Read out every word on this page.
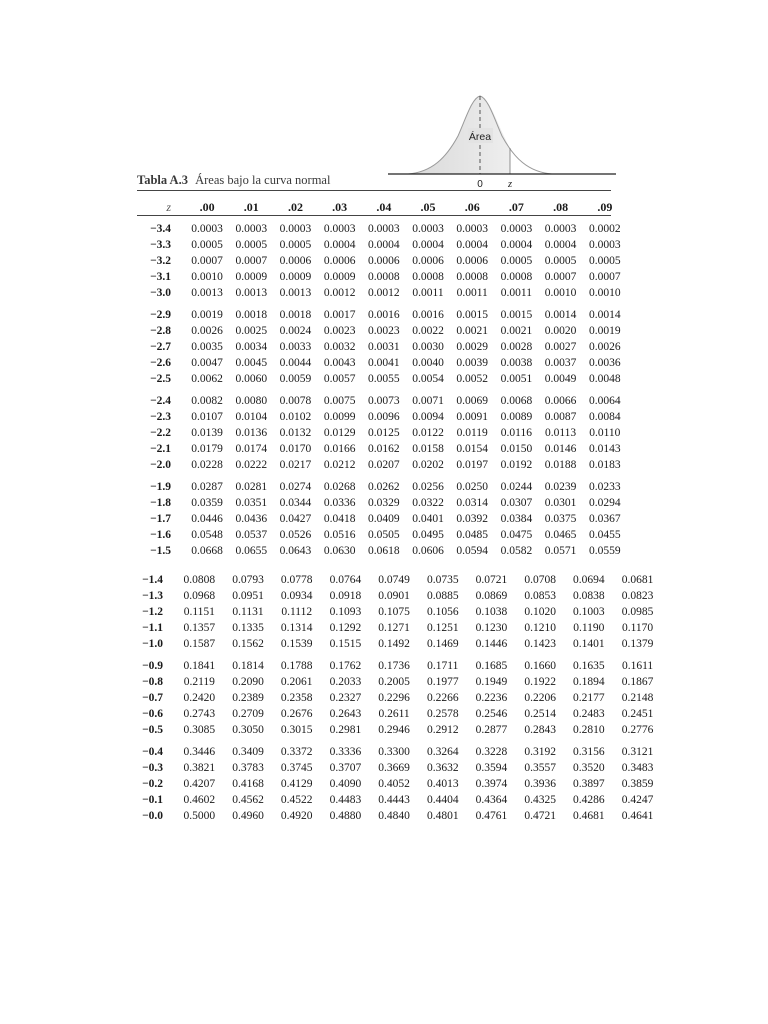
Área
0 z
Tabla A.3 Áreas bajo la curva normal
z	.00	.01	.02	.03	.04	.05	.06	.07	.08	.09

−3.4	0.0003	0.0003	0.0003	0.0003	0.0003	0.0003	0.0003	0.0003	0.0003	0.0002
−3.3	0.0005	0.0005	0.0005	0.0004	0.0004	0.0004	0.0004	0.0004	0.0004	0.0003
−3.2	0.0007	0.0007	0.0006	0.0006	0.0006	0.0006	0.0006	0.0005	0.0005	0.0005
−3.1	0.0010	0.0009	0.0009	0.0009	0.0008	0.0008	0.0008	0.0008	0.0007	0.0007
−3.0	0.0013	0.0013	0.0013	0.0012	0.0012	0.0011	0.0011	0.0011	0.0010	0.0010

−2.9	0.0019	0.0018	0.0018	0.0017	0.0016	0.0016	0.0015	0.0015	0.0014	0.0014
−2.8	0.0026	0.0025	0.0024	0.0023	0.0023	0.0022	0.0021	0.0021	0.0020	0.0019
−2.7	0.0035	0.0034	0.0033	0.0032	0.0031	0.0030	0.0029	0.0028	0.0027	0.0026
−2.6	0.0047	0.0045	0.0044	0.0043	0.0041	0.0040	0.0039	0.0038	0.0037	0.0036
−2.5	0.0062	0.0060	0.0059	0.0057	0.0055	0.0054	0.0052	0.0051	0.0049	0.0048

−2.4	0.0082	0.0080	0.0078	0.0075	0.0073	0.0071	0.0069	0.0068	0.0066	0.0064
−2.3	0.0107	0.0104	0.0102	0.0099	0.0096	0.0094	0.0091	0.0089	0.0087	0.0084
−2.2	0.0139	0.0136	0.0132	0.0129	0.0125	0.0122	0.0119	0.0116	0.0113	0.0110
−2.1	0.0179	0.0174	0.0170	0.0166	0.0162	0.0158	0.0154	0.0150	0.0146	0.0143
−2.0	0.0228	0.0222	0.0217	0.0212	0.0207	0.0202	0.0197	0.0192	0.0188	0.0183

−1.9	0.0287	0.0281	0.0274	0.0268	0.0262	0.0256	0.0250	0.0244	0.0239	0.0233
−1.8	0.0359	0.0351	0.0344	0.0336	0.0329	0.0322	0.0314	0.0307	0.0301	0.0294
−1.7	0.0446	0.0436	0.0427	0.0418	0.0409	0.0401	0.0392	0.0384	0.0375	0.0367
−1.6	0.0548	0.0537	0.0526	0.0516	0.0505	0.0495	0.0485	0.0475	0.0465	0.0455
−1.5	0.0668	0.0655	0.0643	0.0630	0.0618	0.0606	0.0594	0.0582	0.0571	0.0559
−1.4	0.0808	0.0793	0.0778	0.0764	0.0749	0.0735	0.0721	0.0708	0.0694	0.0681
−1.3	0.0968	0.0951	0.0934	0.0918	0.0901	0.0885	0.0869	0.0853	0.0838	0.0823
−1.2	0.1151	0.1131	0.1112	0.1093	0.1075	0.1056	0.1038	0.1020	0.1003	0.0985
−1.1	0.1357	0.1335	0.1314	0.1292	0.1271	0.1251	0.1230	0.1210	0.1190	0.1170
−1.0	0.1587	0.1562	0.1539	0.1515	0.1492	0.1469	0.1446	0.1423	0.1401	0.1379

−0.9	0.1841	0.1814	0.1788	0.1762	0.1736	0.1711	0.1685	0.1660	0.1635	0.1611
−0.8	0.2119	0.2090	0.2061	0.2033	0.2005	0.1977	0.1949	0.1922	0.1894	0.1867
−0.7	0.2420	0.2389	0.2358	0.2327	0.2296	0.2266	0.2236	0.2206	0.2177	0.2148
−0.6	0.2743	0.2709	0.2676	0.2643	0.2611	0.2578	0.2546	0.2514	0.2483	0.2451
−0.5	0.3085	0.3050	0.3015	0.2981	0.2946	0.2912	0.2877	0.2843	0.2810	0.2776

−0.4	0.3446	0.3409	0.3372	0.3336	0.3300	0.3264	0.3228	0.3192	0.3156	0.3121
−0.3	0.3821	0.3783	0.3745	0.3707	0.3669	0.3632	0.3594	0.3557	0.3520	0.3483
−0.2	0.4207	0.4168	0.4129	0.4090	0.4052	0.4013	0.3974	0.3936	0.3897	0.3859
−0.1	0.4602	0.4562	0.4522	0.4483	0.4443	0.4404	0.4364	0.4325	0.4286	0.4247
−0.0	0.5000	0.4960	0.4920	0.4880	0.4840	0.4801	0.4761	0.4721	0.4681	0.4641
